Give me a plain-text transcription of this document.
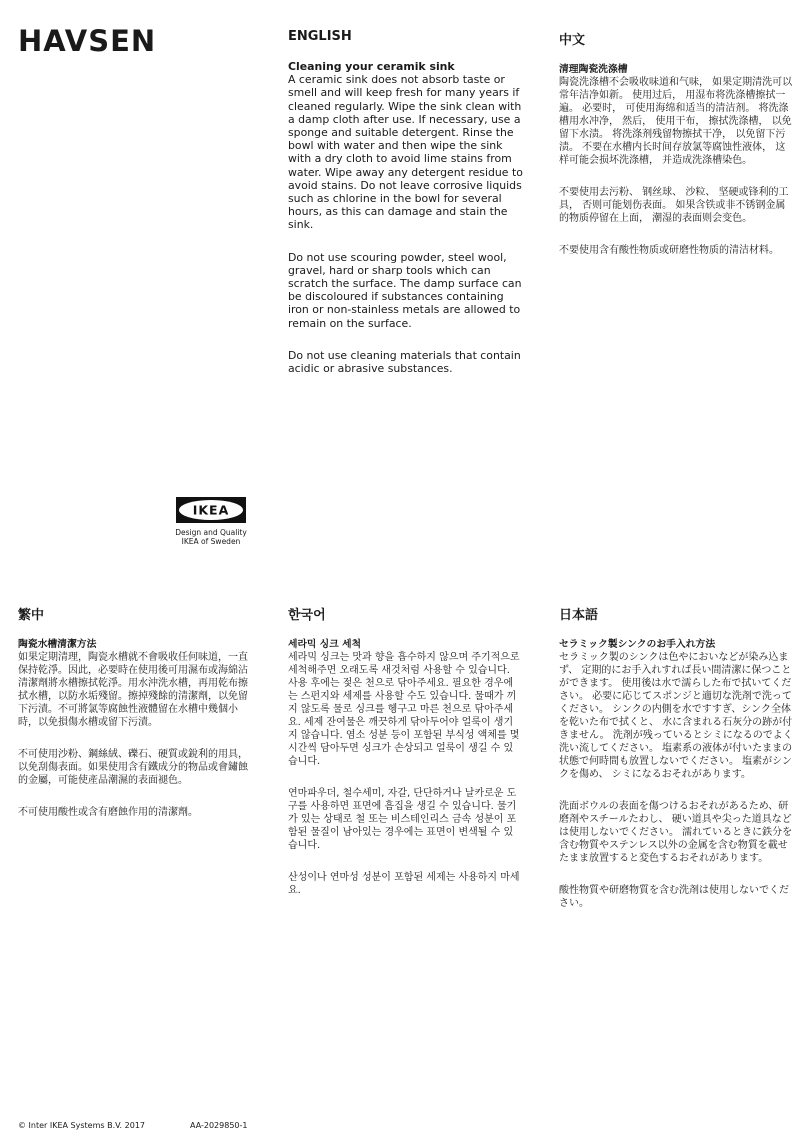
HAVSEN	ENGLISH
Cleaning your ceramik sink

A ceramic sink does not absorb taste or smell and will keep fresh for many years if cleaned regularly. Wipe the sink clean with a damp cloth after use. If necessary, use a sponge and suitable detergent. Rinse the bowl with water and then wipe the sink with a dry cloth to avoid lime stains from water. Wipe away any detergent residue to avoid stains. Do not leave corrosive liquids such as chlorine in the bowl for several hours, as this can damage and stain the sink.

Do not use scouring powder, steel wool, gravel, hard or sharp tools which can scratch the surface. The damp surface can be discoloured if substances containing iron or non-stainless metals are allowed to remain on the surface.

Do not use cleaning materials that contain acidic or abrasive substances.

中文
清理陶瓷洗涤槽

陶瓷洗涤槽不会吸收味道和气味， 如果定期清洗可以常年洁净如新。 使用过后， 用湿布将洗涤槽擦拭一遍。 必要时， 可使用海绵和适当的清洁剂。 将洗涤槽用水冲净， 然后， 使用干布， 擦拭洗涤槽， 以免留下水渍。 将洗涤剂残留物擦拭干净， 以免留下污渍。 不要在水槽内长时间存放氯等腐蚀性液体， 这样可能会损坏洗涤槽， 并造成洗涤槽染色。

不要使用去污粉、 钢丝球、 沙粒、 坚硬或锋利的工具， 否则可能划伤表面。 如果含铁或非不锈钢金属的物质停留在上面， 潮湿的表面则会变色。

不要使用含有酸性物质或研磨性物质的清洁材料。

IKEA
Design and Quality
IKEA of Sweden
繁中
陶瓷水槽清潔方法

如果定期清理，陶瓷水槽就不會吸收任何味道，一直保持乾淨。因此，必要時在使用後可用濕布或海綿沾清潔劑將水槽擦拭乾淨。用水沖洗水槽，再用乾布擦拭水槽，以防水垢殘留。擦掉殘餘的清潔劑，以免留下污漬。不可將氯等腐蝕性液體留在水槽中幾個小時，以免損傷水槽或留下污漬。

不可使用沙粉、鋼絲絨、礫石、硬質或銳利的用具，以免刮傷表面。如果使用含有鐵成分的物品或會鏽蝕的金屬，可能使產品潮濕的表面褪色。

不可使用酸性或含有磨蝕作用的清潔劑。

한국어
세라믹 싱크 세척

세라믹 싱크는 맛과 향을 흡수하지 않으며 주기적으로 세척해주면 오래도록 새것처럼 사용할 수 있습니다. 사용 후에는 젖은 천으로 닦아주세요. 필요한 경우에는 스펀지와 세제를 사용할 수도 있습니다. 물때가 끼지 않도록 물로 싱크를 헹구고 마른 천으로 닦아주세요. 세제 잔여물은 깨끗하게 닦아두어야 얼룩이 생기지 않습니다. 염소 성분 등이 포함된 부식성 액체를 몇 시간씩 담아두면 싱크가 손상되고 얼룩이 생길 수 있습니다.

연마파우더, 철수세미, 자갈, 단단하거나 날카로운 도구를 사용하면 표면에 흠집을 생길 수 있습니다. 물기가 있는 상태로 철 또는 비스테인리스 금속 성분이 포함된 물질이 남아있는 경우에는 표면이 변색될 수 있습니다.

산성이나 연마성 성분이 포함된 세제는 사용하지 마세요.

日本語
セラミック製シンクのお手入れ方法

セラミック製のシンクは色やにおいなどが染み込まず、 定期的にお手入れすれば長い間清潔に保つことができます。 使用後は水で濡らした布で拭いてください。 必要に応じてスポンジと適切な洗剤で洗ってください。 シンクの内側を水ですすぎ、シンク全体を乾いた布で拭くと、 水に含まれる石灰分の跡が付きません。 洗剤が残っているとシミになるのでよく洗い流してください。 塩素系の液体が付いたままの状態で何時間も放置しないでください。 塩素がシンクを傷め、 シミになるおそれがあります。

洗面ボウルの表面を傷つけるおそれがあるため、研磨剤やスチールたわし、 硬い道具や尖った道具などは使用しないでください。 濡れているときに鉄分を含む物質やステンレス以外の金属を含む物質を載せたまま放置すると変色するおそれがあります。

酸性物質や研磨物質を含む洗剤は使用しないでください。

© Inter IKEA Systems B.V. 2017	AA-2029850-1
